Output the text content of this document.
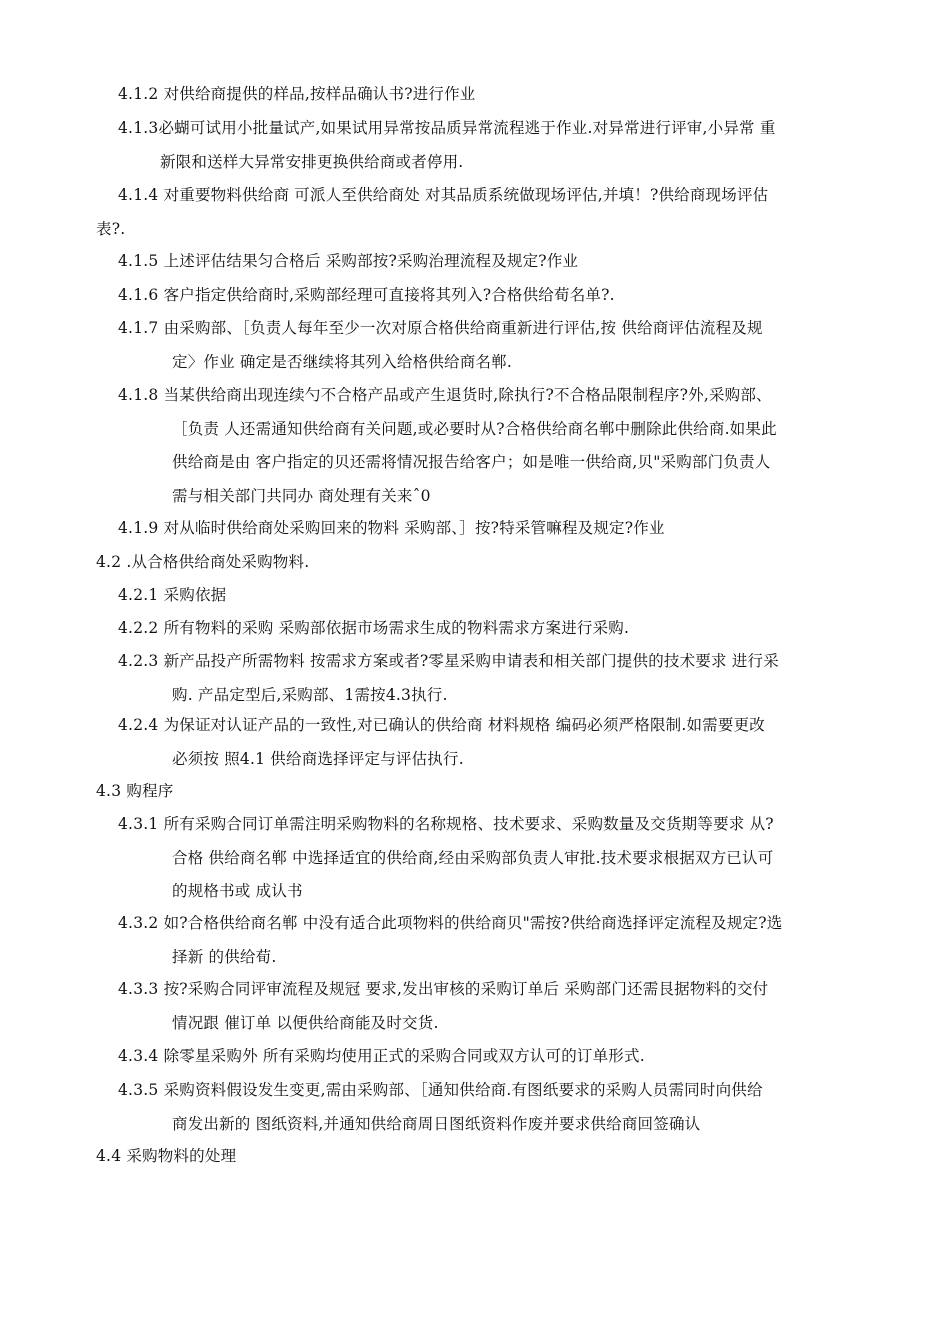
4.1.2 对供给商提供的样品,按样品确认书?进行作业
4.1.3必蝴可试用小批量试产,如果试用异常按品质异常流程逃于作业.对异常进行评审,小异常 重
新限和送样大异常安排更换供给商或者停用.
4.1.4 对重要物料供给商 可派人至供给商处 对其品质系统做现场评估,并填！?供给商现场评估
表?.
4.1.5 上述评估结果匀合格后 采购部按?采购治理流程及规定?作业
4.1.6 客户指定供给商时,采购部经理可直接将其列入?合格供给荀名单?.
4.1.7 由采购部、［负责人每年至少一次对原合格供给商重新进行评估,按 供给商评估流程及规
定〉作业 确定是否继续将其列入给格供给商名郸.
4.1.8 当某供给商出现连续勺不合格产品或产生退货时,除执行?不合格品限制程序?外,采购部、
［负责 人还需通知供给商有关问题,或必要时从?合格供给商名郸中删除此供给商.如果此
供给商是由 客户指定的贝还需将情况报告给客户；如是唯一供给商,贝"采购部门负责人
需与相关部门共同办 商处理有关来ˆ0
4.1.9 对从临时供给商处采购回来的物料 采购部、］按?特采管嘛程及规定?作业
4.2 .从合格供给商处采购物料.
4.2.1 采购依据
4.2.2 所有物料的采购 采购部依据市场需求生成的物料需求方案进行采购.
4.2.3 新产品投产所需物料 按需求方案或者?零星采购申请表和相关部门提供的技术要求 进行采
购. 产品定型后,采购部、1需按4.3执行.
4.2.4 为保证对认证产品的一致性,对已确认的供给商 材料规格 编码必须严格限制.如需要更改
必须按 照4.1 供给商选择评定与评估执行.
4.3 购程序
4.3.1 所有采购合同订单需注明采购物料的名称规格、技术要求、采购数量及交货期等要求 从?
合格 供给商名郸 中选择适宜的供给商,经由采购部负责人审批.技术要求根据双方已认可
的规格书或 成认书
4.3.2 如?合格供给商名郸 中没有适合此项物料的供给商贝"需按?供给商选择评定流程及规定?选
择新 的供给荀.
4.3.3 按?采购合同评审流程及规冠 要求,发出审核的采购订单后 采购部门还需艮据物料的交付
情况跟 催订单 以便供给商能及时交货.
4.3.4 除零星采购外 所有采购均使用正式的采购合同或双方认可的订单形式.
4.3.5 采购资料假设发生变更,需由采购部、［通知供给商.有图纸要求的采购人员需同时向供给
商发出新的 图纸资料,并通知供给商周日图纸资料作废并要求供给商回签确认
4.4 采购物料的处理
